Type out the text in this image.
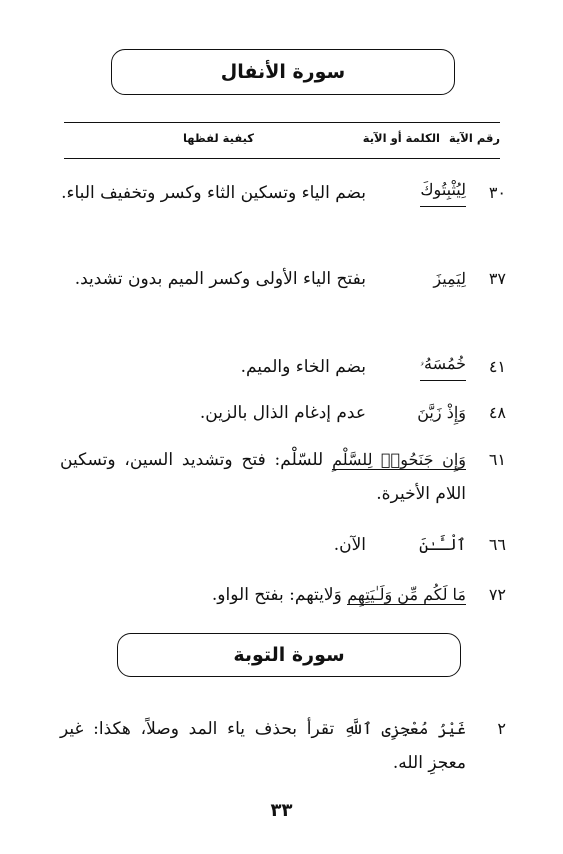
سورة الأنفال
رقم الآية
الكلمة أو الآية
كيفية لفظها
٣٠
لِيُثْبِتُوكَ
بضم الياء وتسكين الثاء وكسر وتخفيف الباء.
٣٧
لِيَمِيزَ
بفتح الياء الأولى وكسر الميم بدون تشديد.
٤١
خُمُسَهُۥ
بضم الخاء والميم.
٤٨
وَإِذْ زَيَّنَ
عدم إدغام الذال بالزين.
٦١
وَإِن جَنَحُوا۟ لِلسَّلْمِ للسّلْم: فتح وتشديد السين، وتسكين اللام الأخيرة.
٦٦
ٱلْـَٔـٰنَ
الآن.
٧٢
مَا لَكُم مِّن وَلَـٰيَتِهِم وَلايتهم: بفتح الواو.
سورة التوبة
٢
غَيْرُ مُعْجِزِى ٱللَّهِ تقرأ بحذف ياء المد وصلاً، هكذا: غير معجزِ الله.
٣٣
